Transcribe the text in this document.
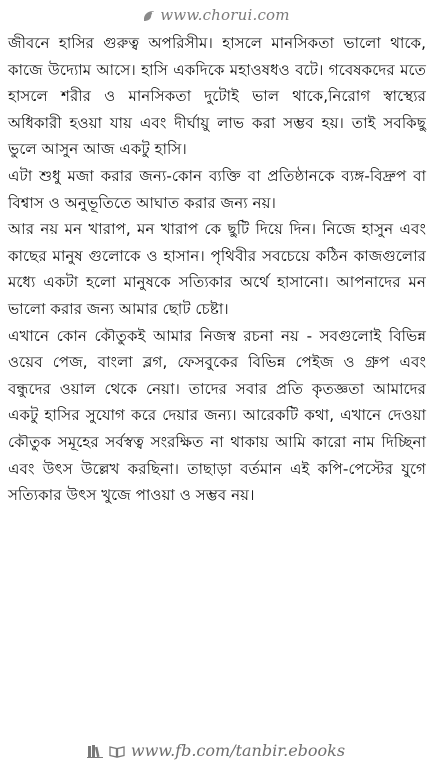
www.chorui.com

জীবনে হাসির গুরুত্ব অপরিসীম। হাসলে মানসিকতা ভালো থাকে, কাজে উদ্যোম আসে। হাসি একদিকে মহাওষধও বটে। গবেষকদের মতে হাসলে শরীর ও মানসিকতা দুটোই ভাল থাকে,নিরোগ স্বাস্থ্যের অধিকারী হওয়া যায় এবং দীর্ঘায়ু লাভ করা সম্ভব হয়। তাই সবকিছু ভুলে আসুন আজ একটু হাসি।

এটা শুধু মজা করার জন্য-কোন ব্যক্তি বা প্রতিষ্ঠানকে ব্যঙ্গ-বিদ্রুপ বা বিশ্বাস ও অনুভূতিতে আঘাত করার জন্য নয়।

আর নয় মন খারাপ, মন খারাপ কে ছুটি দিয়ে দিন। নিজে হাসুন এবং কাছের মানুষ গুলোকে ও হাসান। পৃথিবীর সবচেয়ে কঠিন কাজগুলোর মধ্যে একটা হলো মানুষকে সত্যিকার অর্থে হাসানো। আপনাদের মন ভালো করার জন্য আমার ছোট চেষ্টা।

এখানে কোন কৌতুকই আমার নিজস্ব রচনা নয় - সবগুলোই বিভিন্ন ওয়েব পেজ, বাংলা ব্লগ, ফেসবুকের বিভিন্ন পেইজ ও গ্রুপ এবং বন্ধুদের ওয়াল থেকে নেয়া। তাদের সবার প্রতি কৃতজ্ঞতা আমাদের একটু হাসির সুযোগ করে দেয়ার জন্য। আরেকটি কথা, এখানে দেওয়া কৌতুক সমূহের সর্বস্বত্ব সংরক্ষিত না থাকায় আমি কারো নাম দিচ্ছিনা এবং উৎস উল্লেখ করছিনা। তাছাড়া বর্তমান এই কপি-পেস্টের যুগে সত্যিকার উৎস খুজে পাওয়া ও সম্ভব নয়।

www.fb.com/tanbir.ebooks
